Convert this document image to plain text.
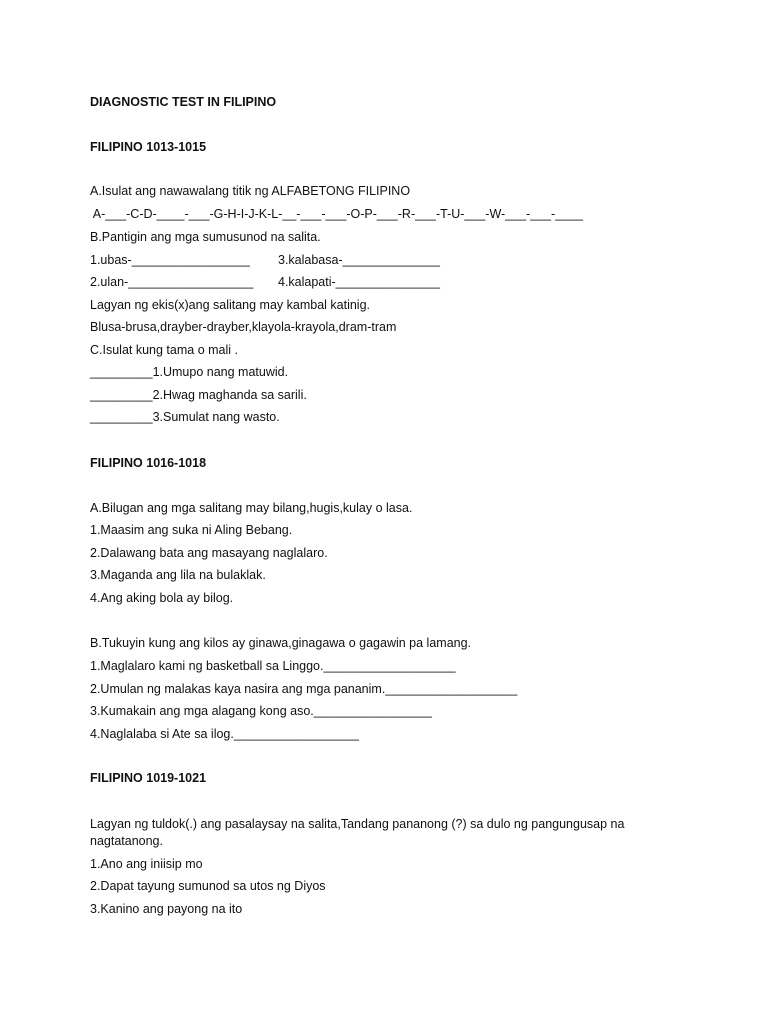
DIAGNOSTIC TEST IN FILIPINO
FILIPINO 1013-1015
A.Isulat ang nawawalang titik ng ALFABETONG FILIPINO
A-___-C-D-____-___-G-H-I-J-K-L-__-___-___-O-P-___-R-___-T-U-___-W-___-___-____
B.Pantigin ang mga sumusunod na salita.
1.ubas-_________________ 3.kalabasa-______________
2.ulan-__________________ 4.kalapati-_______________
Lagyan ng ekis(x)ang salitang may kambal katinig.
Blusa-brusa,drayber-drayber,klayola-krayola,dram-tram
C.Isulat kung tama o mali .
_________1.Umupo nang matuwid.
_________2.Hwag maghanda sa sarili.
_________3.Sumulat nang wasto.
FILIPINO 1016-1018
A.Bilugan ang mga salitang may bilang,hugis,kulay o lasa.
1.Maasim ang suka ni Aling Bebang.
2.Dalawang bata ang masayang naglalaro.
3.Maganda ang lila na bulaklak.
4.Ang aking bola ay bilog.
B.Tukuyin kung ang kilos ay ginawa,ginagawa o gagawin pa lamang.
1.Maglalaro kami ng basketball sa Linggo.___________________
2.Umulan ng malakas kaya nasira ang mga pananim.___________________
3.Kumakain ang mga alagang kong aso._________________
4.Naglalaba si Ate sa ilog.__________________
FILIPINO 1019-1021
Lagyan ng tuldok(.) ang pasalaysay na salita,Tandang pananong (?) sa dulo ng pangungusap na
nagtatanong.
1.Ano ang iniisip mo
2.Dapat tayung sumunod sa utos ng Diyos
3.Kanino ang payong na ito
